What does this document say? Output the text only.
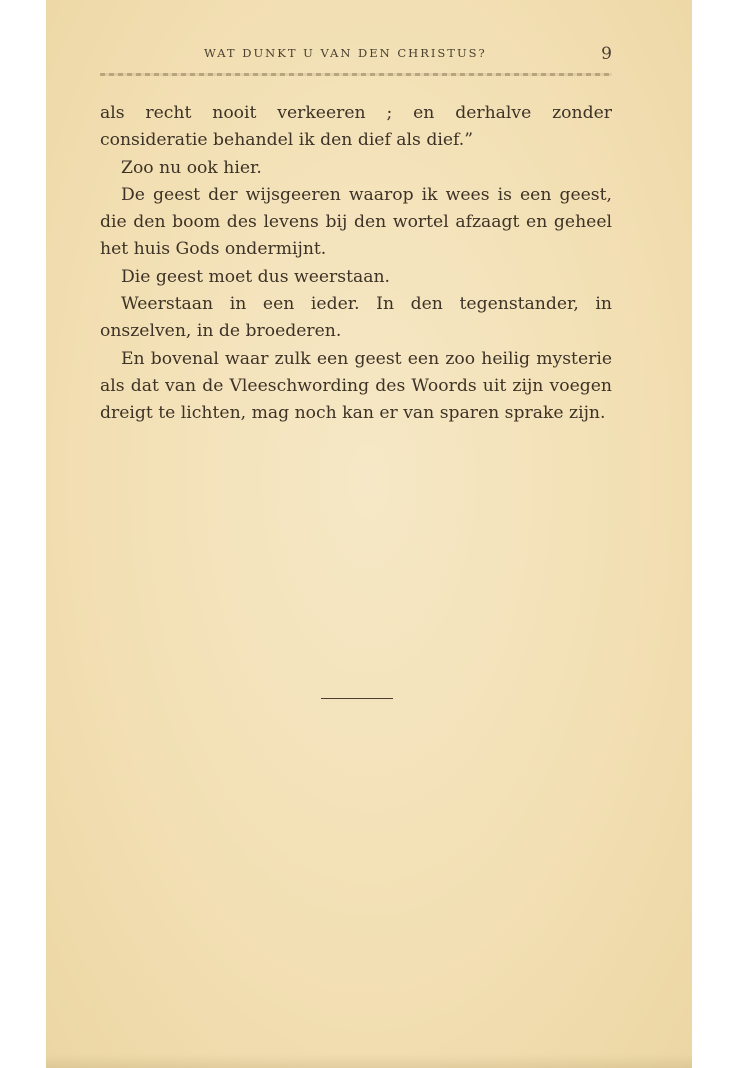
WAT DUNKT U VAN DEN CHRISTUS?	9

als recht nooit verkeeren ; en derhalve zonder consideratie behandel ik den dief als dief.”

Zoo nu ook hier.

De geest der wijsgeeren waarop ik wees is een geest, die den boom des levens bij den wortel afzaagt en geheel het huis Gods ondermijnt.

Die geest moet dus weerstaan.

Weerstaan in een ieder. In den tegenstander, in onszelven, in de broederen.

En bovenal waar zulk een geest een zoo heilig mysterie als dat van de Vleeschwording des Woords uit zijn voegen dreigt te lichten, mag noch kan er van sparen sprake zijn.
